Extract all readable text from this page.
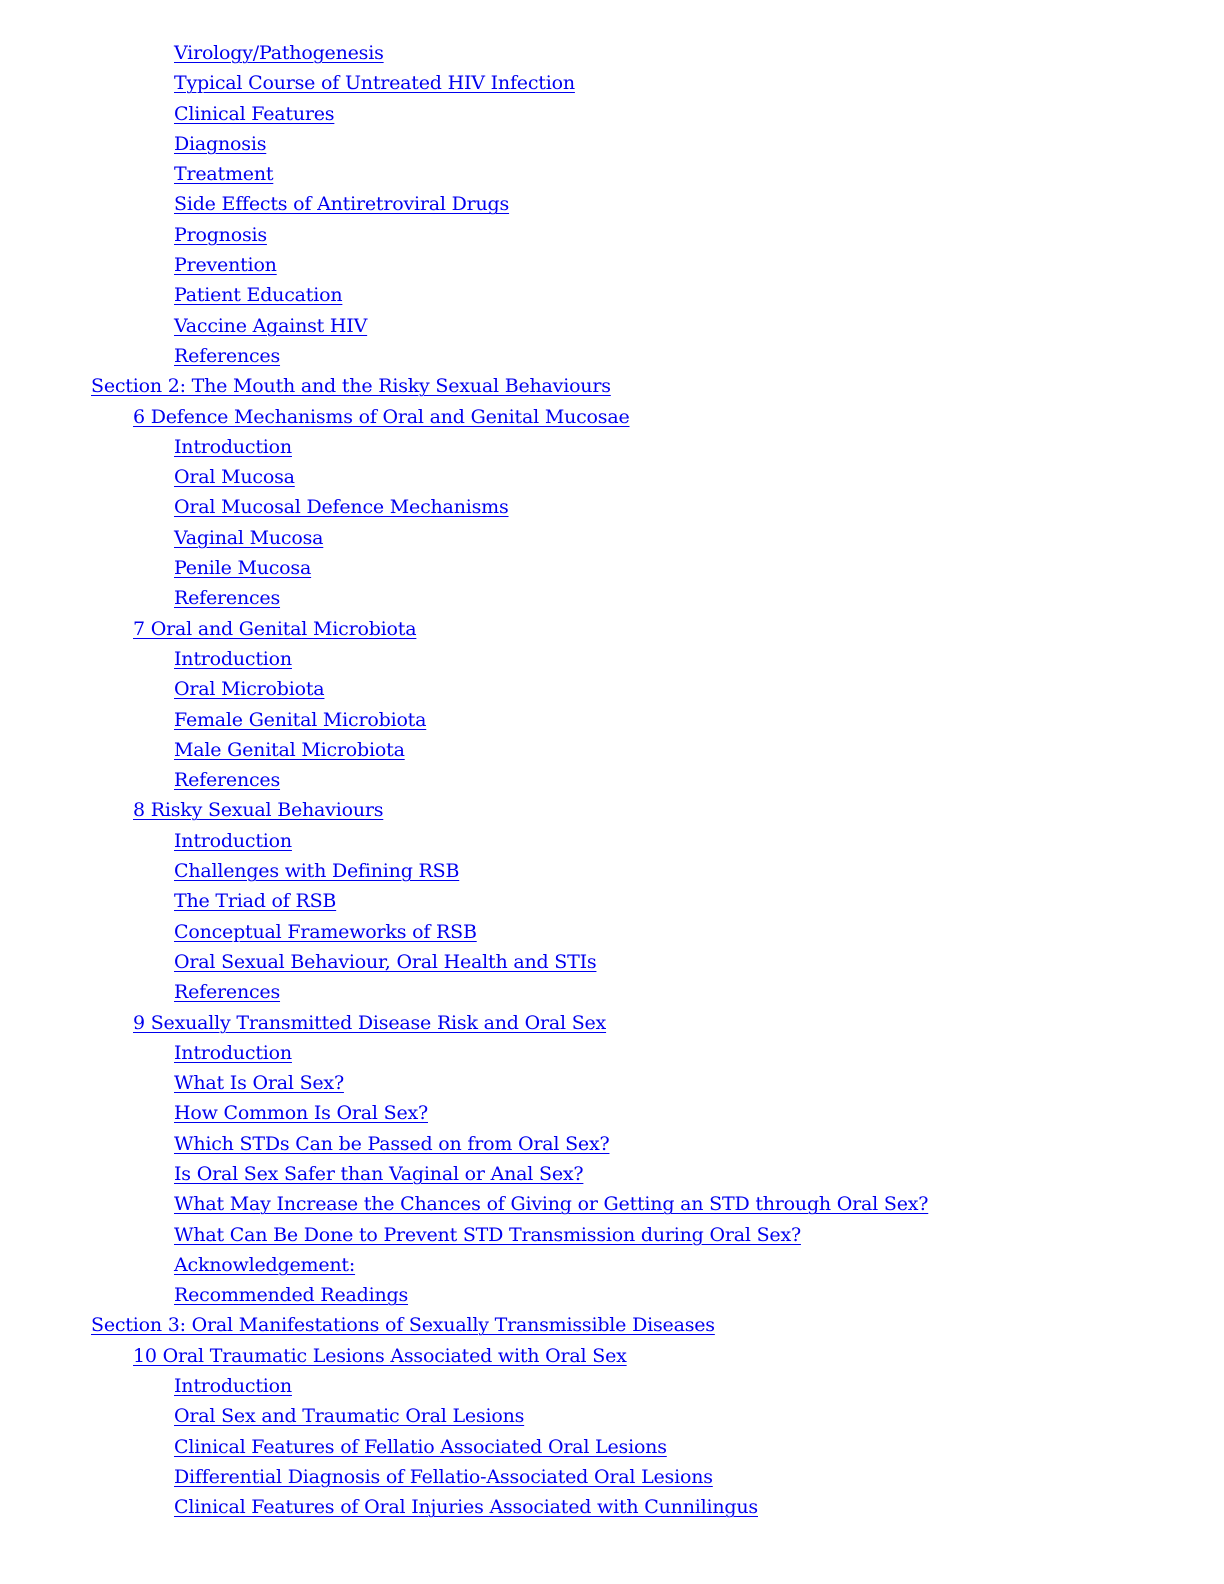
Virology/Pathogenesis
Typical Course of Untreated HIV Infection
Clinical Features
Diagnosis
Treatment
Side Effects of Antiretroviral Drugs
Prognosis
Prevention
Patient Education
Vaccine Against HIV
References
Section 2: The Mouth and the Risky Sexual Behaviours
6 Defence Mechanisms of Oral and Genital Mucosae
Introduction
Oral Mucosa
Oral Mucosal Defence Mechanisms
Vaginal Mucosa
Penile Mucosa
References
7 Oral and Genital Microbiota
Introduction
Oral Microbiota
Female Genital Microbiota
Male Genital Microbiota
References
8 Risky Sexual Behaviours
Introduction
Challenges with Defining RSB
The Triad of RSB
Conceptual Frameworks of RSB
Oral Sexual Behaviour, Oral Health and STIs
References
9 Sexually Transmitted Disease Risk and Oral Sex
Introduction
What Is Oral Sex?
How Common Is Oral Sex?
Which STDs Can be Passed on from Oral Sex?
Is Oral Sex Safer than Vaginal or Anal Sex?
What May Increase the Chances of Giving or Getting an STD through Oral Sex?
What Can Be Done to Prevent STD Transmission during Oral Sex?
Acknowledgement:
Recommended Readings
Section 3: Oral Manifestations of Sexually Transmissible Diseases
10 Oral Traumatic Lesions Associated with Oral Sex
Introduction
Oral Sex and Traumatic Oral Lesions
Clinical Features of Fellatio Associated Oral Lesions
Differential Diagnosis of Fellatio-Associated Oral Lesions
Clinical Features of Oral Injuries Associated with Cunnilingus
